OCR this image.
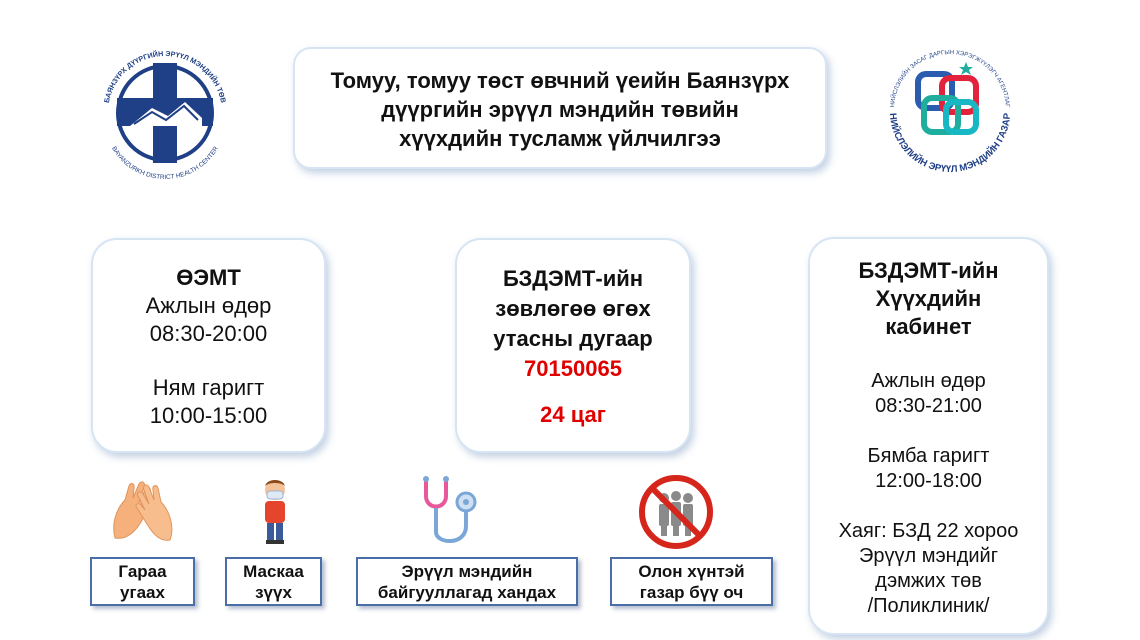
БАЯНЗҮРХ ДҮҮРГИЙН ЭРҮҮЛ МЭНДИЙН ТӨВ
BAYANZURKH DISTRICT HEALTH CENTER
Томуу, томуу төст өвчний үеийн Баянзүрх
дүүргийн эрүүл мэндийн төвийн
хүүхдийн тусламж үйлчилгээ
НИЙСЛЭЛИЙН ЗАСАГ ДАРГЫН ХЭРЭГЖҮҮЛЭГЧ АГЕНТЛАГ
НИЙСЛЭЛИЙН ЭРҮҮЛ МЭНДИЙН ГАЗАР
ӨЭМТ
Ажлын өдөр
08:30-20:00
Ням гаригт
10:00-15:00
БЗДЭМТ-ийн
зөвлөгөө өгөх
утасны дугаар
70150065
24 цаг
БЗДЭМТ-ийн
Хүүхдийн
кабинет
Ажлын өдөр
08:30-21:00
Бямба гаригт
12:00-18:00
Хаяг: БЗД 22 хороо
Эрүүл мэндийг
дэмжих төв
/Поликлиник/
Гараа
угаах
Маскаа
зүүх
Эрүүл мэндийн
байгууллагад хандах
Олон хүнтэй
газар бүү оч
